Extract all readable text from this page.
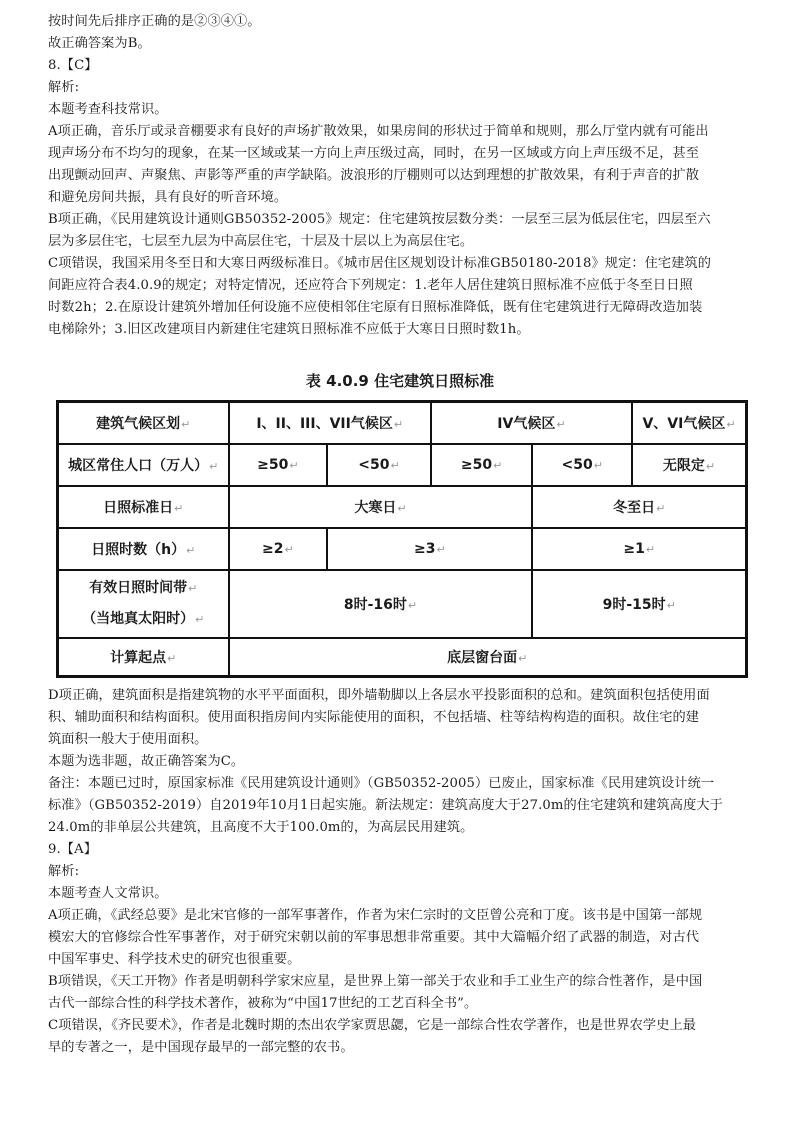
按时间先后排序正确的是②③④①。
故正确答案为B。
8.【C】
解析:
本题考查科技常识。
A项正确，音乐厅或录音棚要求有良好的声场扩散效果，如果房间的形状过于简单和规则，那么厅堂内就有可能出
现声场分布不均匀的现象，在某一区域或某一方向上声压级过高，同时，在另一区域或方向上声压级不足，甚至
出现颤动回声、声聚焦、声影等严重的声学缺陷。波浪形的厅棚则可以达到理想的扩散效果，有利于声音的扩散
和避免房间共振，具有良好的听音环境。
B项正确，《民用建筑设计通则GB50352-2005》规定：住宅建筑按层数分类：一层至三层为低层住宅，四层至六
层为多层住宅，七层至九层为中高层住宅，十层及十层以上为高层住宅。
C项错误，我国采用冬至日和大寒日两级标准日。《城市居住区规划设计标准GB50180-2018》规定：住宅建筑的
间距应符合表4.0.9的规定；对特定情况，还应符合下列规定：1.老年人居住建筑日照标准不应低于冬至日日照
时数2h；2.在原设计建筑外增加任何设施不应使相邻住宅原有日照标准降低，既有住宅建筑进行无障碍改造加装
电梯除外；3.旧区改建项目内新建住宅建筑日照标准不应低于大寒日日照时数1h。
表 4.0.9 住宅建筑日照标准
建筑气候区划↵	I、II、III、VII气候区↵		IV气候区↵		V、VI气候区↵
城区常住人口（万人）↵	≥50↵	<50↵	≥50↵	<50↵	无限定↵
日照标准日↵	大寒日↵			冬至日↵	
日照时数（h）↵	≥2↵	≥3↵		≥1↵	

有效日照时间带↵
（当地真太阳时）↵	8时-16时↵			9时-15时↵	
计算起点↵	底层窗台面↵				
D项正确，建筑面积是指建筑物的水平平面面积，即外墙勒脚以上各层水平投影面积的总和。建筑面积包括使用面
积、辅助面积和结构面积。使用面积指房间内实际能使用的面积，不包括墙、柱等结构构造的面积。故住宅的建
筑面积一般大于使用面积。
本题为选非题，故正确答案为C。
备注：本题已过时，原国家标准《民用建筑设计通则》（GB50352-2005）已废止，国家标准《民用建筑设计统一
标准》（GB50352-2019）自2019年10月1日起实施。新法规定：建筑高度大于27.0m的住宅建筑和建筑高度大于
24.0m的非单层公共建筑，且高度不大于100.0m的，为高层民用建筑。
9.【A】
解析:
本题考查人文常识。
A项正确，《武经总要》是北宋官修的一部军事著作，作者为宋仁宗时的文臣曾公亮和丁度。该书是中国第一部规
模宏大的官修综合性军事著作，对于研究宋朝以前的军事思想非常重要。其中大篇幅介绍了武器的制造，对古代
中国军事史、科学技术史的研究也很重要。
B项错误，《天工开物》作者是明朝科学家宋应星，是世界上第一部关于农业和手工业生产的综合性著作，是中国
古代一部综合性的科学技术著作，被称为“中国17世纪的工艺百科全书”。
C项错误，《齐民要术》，作者是北魏时期的杰出农学家贾思勰，它是一部综合性农学著作，也是世界农学史上最
早的专著之一，是中国现存最早的一部完整的农书。
